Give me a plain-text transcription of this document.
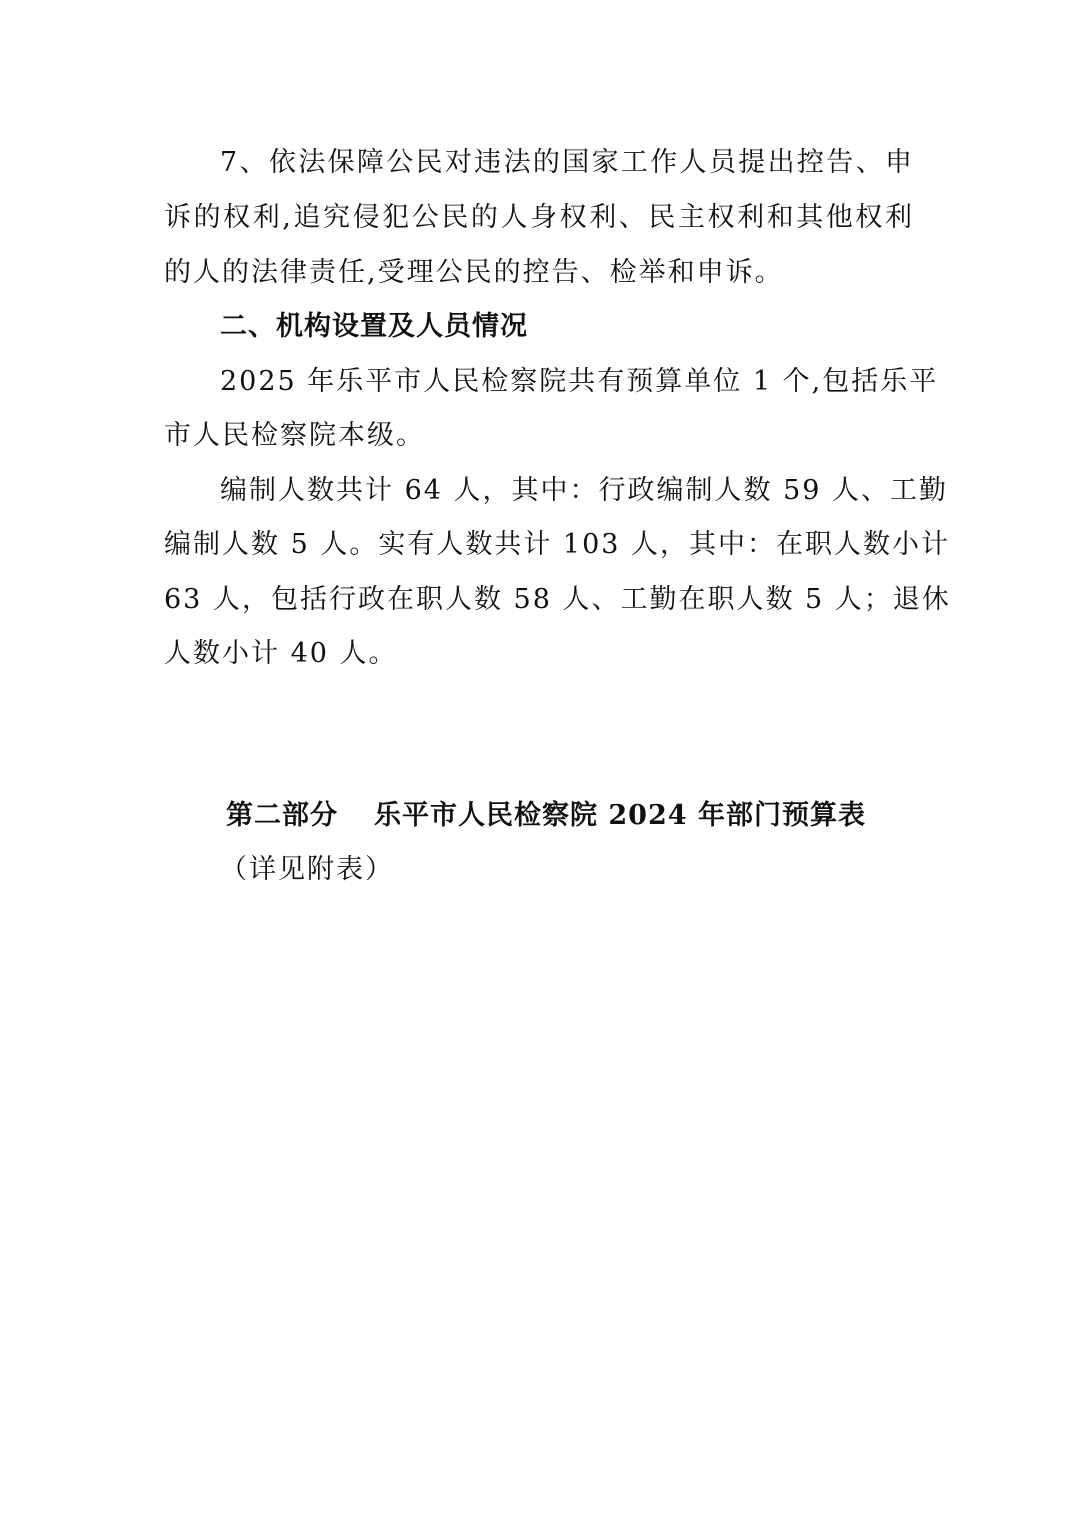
7、依法保障公民对违法的国家工作人员提出控告、申
诉的权利,追究侵犯公民的人身权利、民主权利和其他权利
的人的法律责任,受理公民的控告、检举和申诉。
二、机构设置及人员情况
2025 年乐平市人民检察院共有预算单位 1 个,包括乐平
市人民检察院本级。
编制人数共计 64 人，其中：行政编制人数 59 人、工勤
编制人数 5 人。实有人数共计 103 人，其中：在职人数小计
63 人，包括行政在职人数 58 人、工勤在职人数 5 人；退休
人数小计 40 人。
第二部分 乐平市人民检察院 2024 年部门预算表
（详见附表）
